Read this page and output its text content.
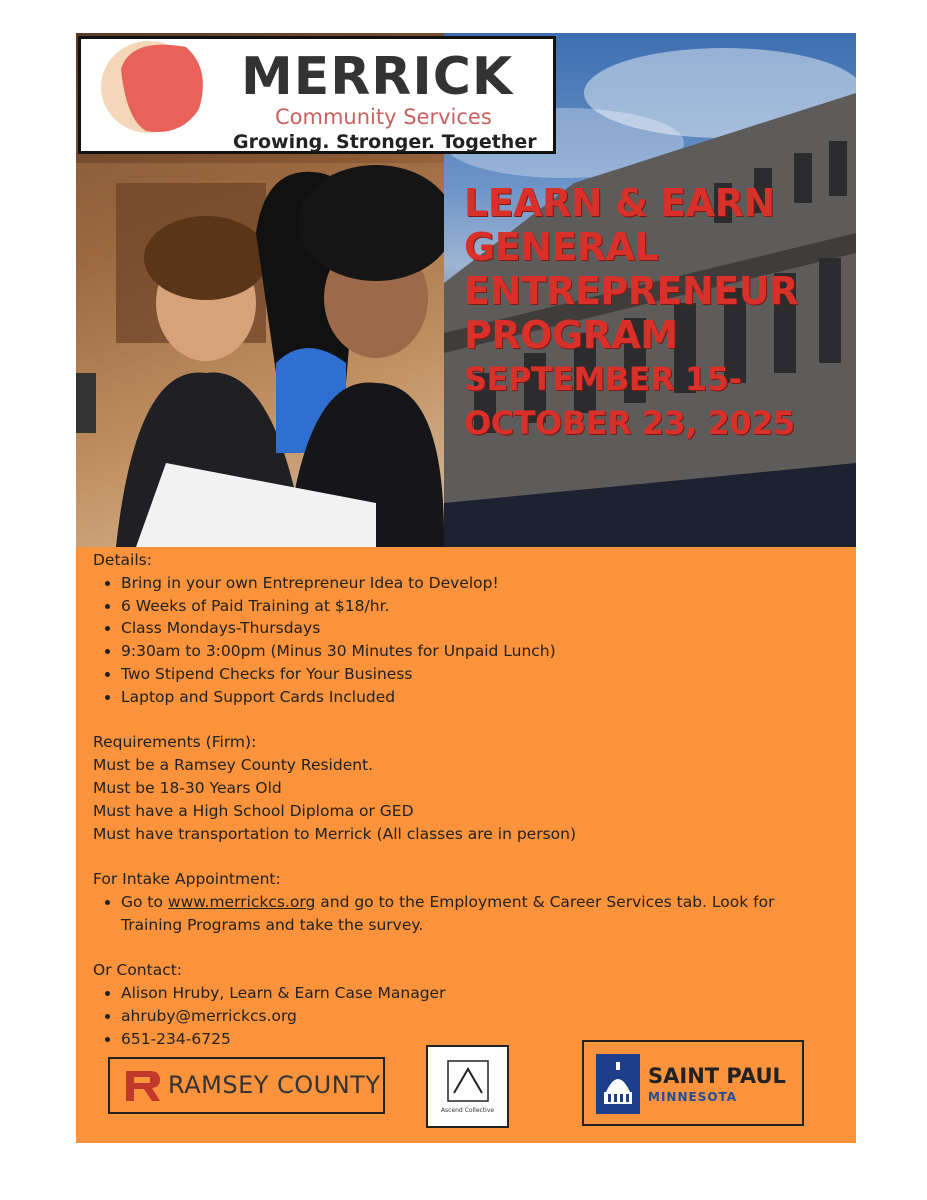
MERRICK
Community Services
Growing. Stronger. Together
LEARN & EARN
GENERAL
ENTREPRENEUR
PROGRAM
SEPTEMBER 15-
OCTOBER 23, 2025

Details:

• Bring in your own Entrepreneur Idea to Develop!
• 6 Weeks of Paid Training at $18/hr.
• Class Mondays-Thursdays
• 9:30am to 3:00pm (Minus 30 Minutes for Unpaid Lunch)
• Two Stipend Checks for Your Business
• Laptop and Support Cards Included

Requirements (Firm):

Must be a Ramsey County Resident.

Must be 18-30 Years Old

Must have a High School Diploma or GED

Must have transportation to Merrick (All classes are in person)

For Intake Appointment:

• Go to www.merrickcs.org and go to the Employment & Career Services tab. Look for
Training Programs and take the survey.

Or Contact:

• Alison Hruby, Learn & Earn Case Manager
• ahruby@merrickcs.org
• 651-234-6725
RAMSEY COUNTY
Ascend Collective
SAINT PAUL
MINNESOTA
